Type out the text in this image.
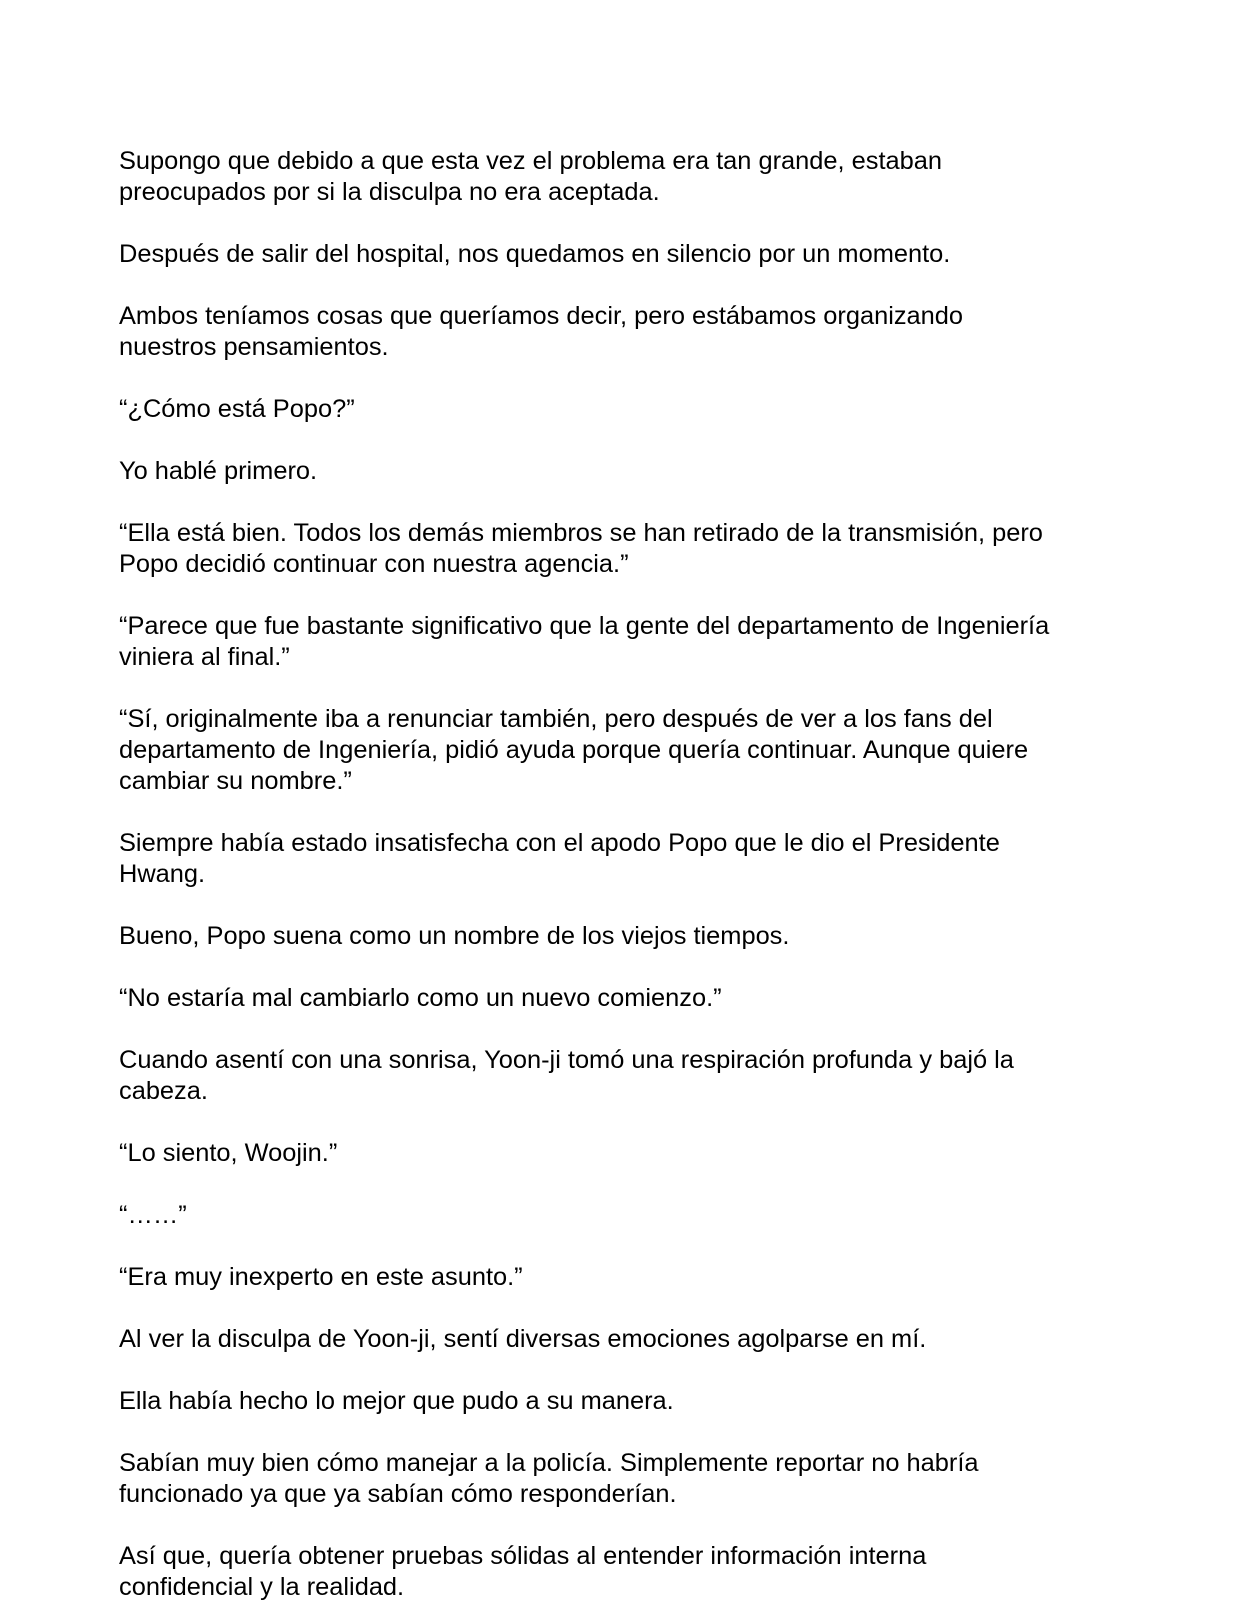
Supongo que debido a que esta vez el problema era tan grande, estaban
preocupados por si la disculpa no era aceptada.

Después de salir del hospital, nos quedamos en silencio por un momento.

Ambos teníamos cosas que queríamos decir, pero estábamos organizando
nuestros pensamientos.

“¿Cómo está Popo?”

Yo hablé primero.

“Ella está bien. Todos los demás miembros se han retirado de la transmisión, pero
Popo decidió continuar con nuestra agencia.”

“Parece que fue bastante significativo que la gente del departamento de Ingeniería
viniera al final.”

“Sí, originalmente iba a renunciar también, pero después de ver a los fans del
departamento de Ingeniería, pidió ayuda porque quería continuar. Aunque quiere
cambiar su nombre.”

Siempre había estado insatisfecha con el apodo Popo que le dio el Presidente
Hwang.

Bueno, Popo suena como un nombre de los viejos tiempos.

“No estaría mal cambiarlo como un nuevo comienzo.”

Cuando asentí con una sonrisa, Yoon-ji tomó una respiración profunda y bajó la
cabeza.

“Lo siento, Woojin.”

“……”

“Era muy inexperto en este asunto.”

Al ver la disculpa de Yoon-ji, sentí diversas emociones agolparse en mí.

Ella había hecho lo mejor que pudo a su manera.

Sabían muy bien cómo manejar a la policía. Simplemente reportar no habría
funcionado ya que ya sabían cómo responderían.

Así que, quería obtener pruebas sólidas al entender información interna
confidencial y la realidad.
